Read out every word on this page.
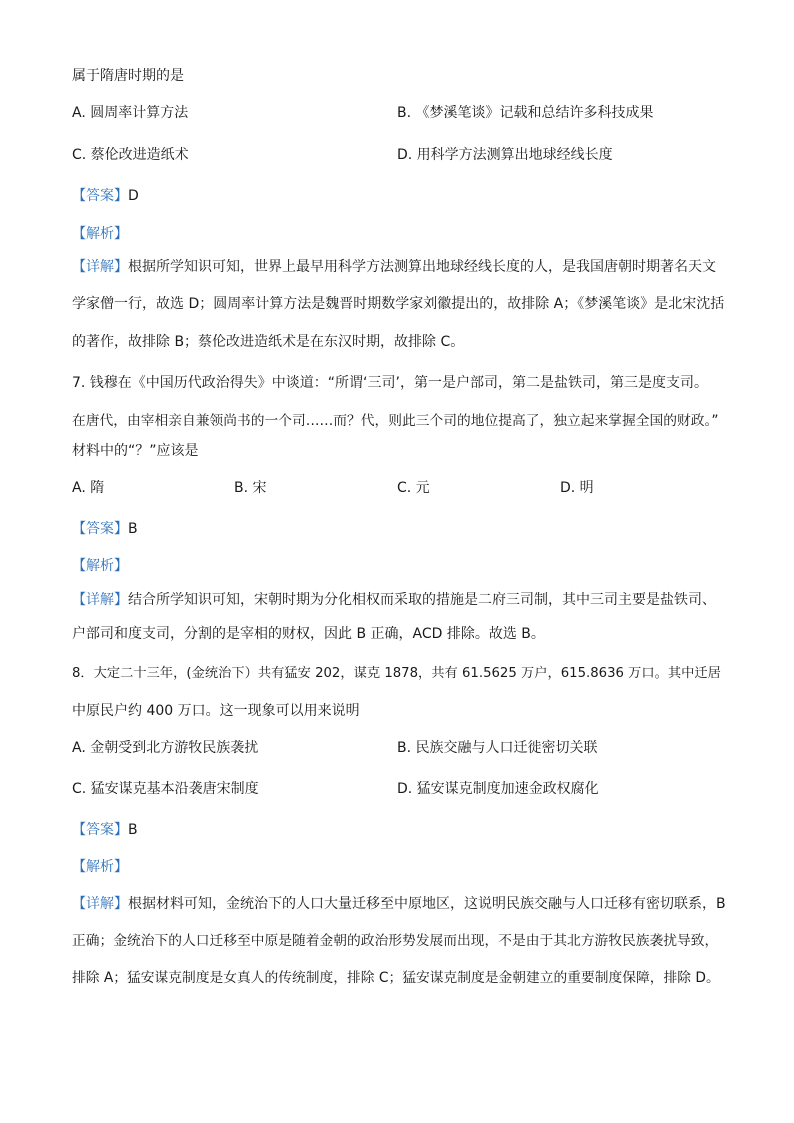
属于隋唐时期的是
A. 圆周率计算方法	B. 《梦溪笔谈》记载和总结许多科技成果
C. 蔡伦改进造纸术	D. 用科学方法测算出地球经线长度
【答案】D
【解析】
【详解】根据所学知识可知，世界上最早用科学方法测算出地球经线长度的人，是我国唐朝时期著名天文
学家僧一行，故选 D；圆周率计算方法是魏晋时期数学家刘徽提出的，故排除 A；《梦溪笔谈》是北宋沈括
的著作，故排除 B；蔡伦改进造纸术是在东汉时期，故排除 C。
7. 钱穆在《中国历代政治得失》中谈道：“所谓‘三司’，第一是户部司，第二是盐铁司，第三是度支司。
在唐代，由宰相亲自兼领尚书的一个司……而？代，则此三个司的地位提高了，独立起来掌握全国的财政。”
材料中的“？”应该是
A. 隋	B. 宋	C. 元	D. 明
【答案】B
【解析】
【详解】结合所学知识可知，宋朝时期为分化相权而采取的措施是二府三司制，其中三司主要是盐铁司、
户部司和度支司，分割的是宰相的财权，因此 B 正确，ACD 排除。故选 B。
8．大定二十三年，(金统治下）共有猛安 202，谋克 1878，共有 61.5625 万户，615.8636 万口。其中迁居
中原民户约 400 万口。这一现象可以用来说明
A. 金朝受到北方游牧民族袭扰	B. 民族交融与人口迁徙密切关联
C. 猛安谋克基本沿袭唐宋制度	D. 猛安谋克制度加速金政权腐化
【答案】B
【解析】
【详解】根据材料可知，金统治下的人口大量迁移至中原地区，这说明民族交融与人口迁移有密切联系，B
正确；金统治下的人口迁移至中原是随着金朝的政治形势发展而出现，不是由于其北方游牧民族袭扰导致，
排除 A；猛安谋克制度是女真人的传统制度，排除 C；猛安谋克制度是金朝建立的重要制度保障，排除 D。
